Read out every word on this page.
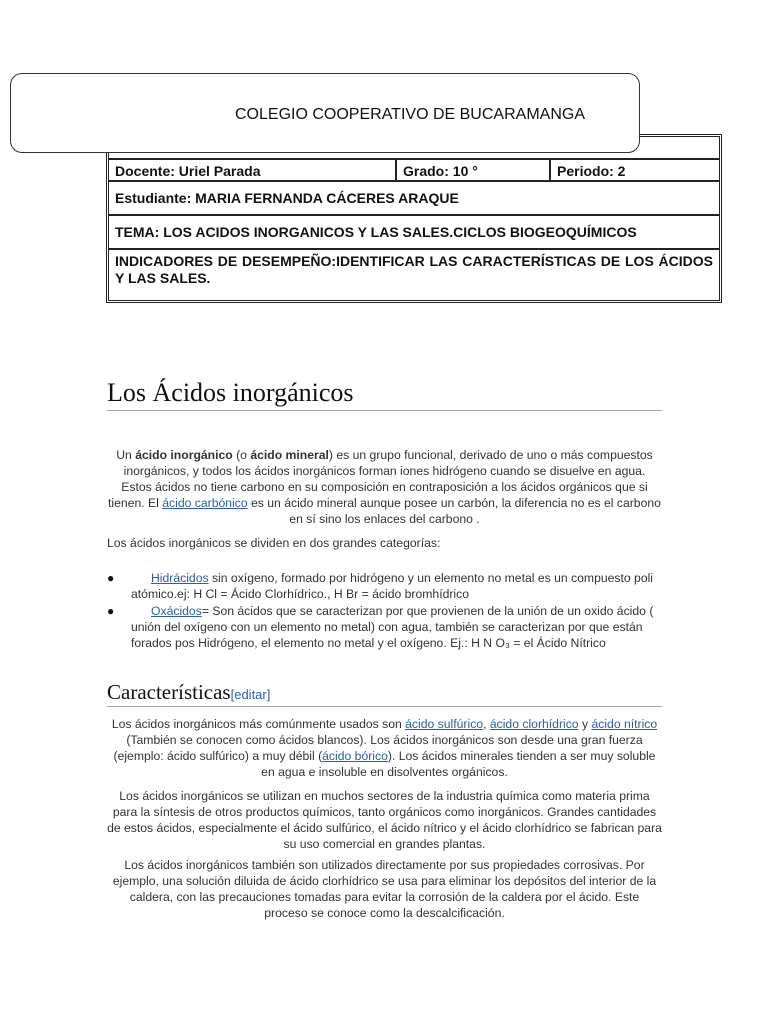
COLEGIO COOPERATIVO DE BUCARAMANGA
Docente: Uriel Parada	Grado: 10 °	Periodo: 2
Estudiante: MARIA FERNANDA CÁCERES ARAQUE
TEMA: LOS ACIDOS INORGANICOS Y LAS SALES.CICLOS BIOGEOQUÍMICOS
INDICADORES DE DESEMPEÑO:IDENTIFICAR LAS CARACTERÍSTICAS DE LOS ÁCIDOS Y LAS SALES.
Los Ácidos inorgánicos
Un ácido inorgánico (o ácido mineral) es un grupo funcional, derivado de uno o más compuestos inorgánicos, y todos los ácidos inorgánicos forman iones hidrógeno cuando se disuelve en agua. Estos ácidos no tiene carbono en su composición en contraposición a los ácidos orgánicos que si tienen. El ácido carbónico es un ácido mineral aunque posee un carbón, la diferencia no es el carbono en sí sino los enlaces del carbono .
Los ácidos inorgánicos se dividen en dos grandes categorías:
●	Hidrácidos sin oxígeno, formado por hidrógeno y un elemento no metal es un compuesto poli atómico.ej: H Cl = Ácido Clorhídrico., H Br = ácido bromhídrico
●	Oxácidos= Son ácidos que se caracterizan por que provienen de la unión de un oxido ácido ( unión del oxígeno con un elemento no metal) con agua, también se caracterizan por que están forados pos Hidrógeno, el elemento no metal y el oxígeno. Ej.: H N O₃ = el Ácido Nítrico
Características[editar]
Los ácidos inorgánicos más comúnmente usados son ácido sulfúrico, ácido clorhídrico y ácido nítrico (También se conocen como ácidos blancos). Los ácidos inorgánicos son desde una gran fuerza (ejemplo: ácido sulfúrico) a muy débil (ácido bórico). Los ácidos minerales tienden a ser muy soluble en agua e insoluble en disolventes orgánicos.
Los ácidos inorgánicos se utilizan en muchos sectores de la industria química como materia prima para la síntesis de otros productos químicos, tanto orgánicos como inorgánicos. Grandes cantidades de estos ácidos, especialmente el ácido sulfúrico, el ácido nítrico y el ácido clorhídrico se fabrican para su uso comercial en grandes plantas.
Los ácidos inorgánicos también son utilizados directamente por sus propiedades corrosivas. Por ejemplo, una solución diluida de ácido clorhídrico se usa para eliminar los depósitos del interior de la caldera, con las precauciones tomadas para evitar la corrosión de la caldera por el ácido. Este proceso se conoce como la descalcificación.
